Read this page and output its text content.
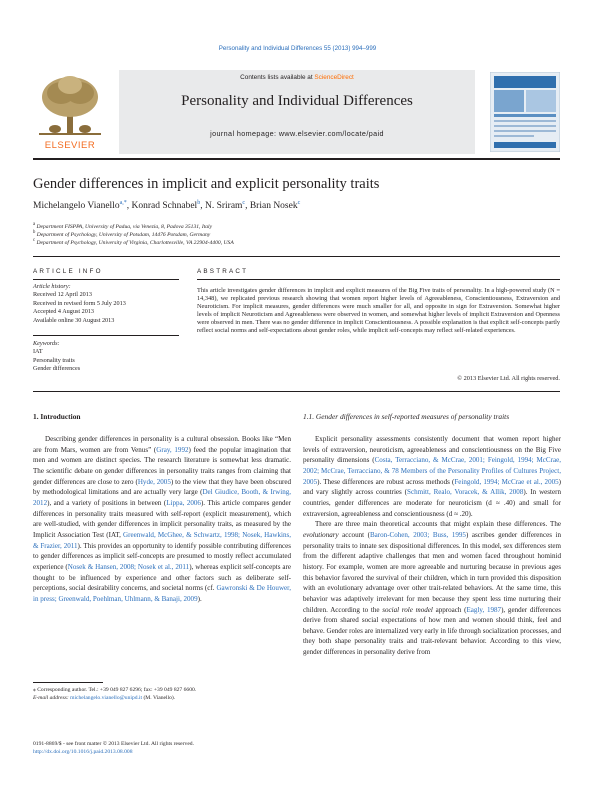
Personality and Individual Differences 55 (2013) 994–999
Contents lists available at ScienceDirect
Personality and Individual Differences
journal homepage: www.elsevier.com/locate/paid
ELSEVIER
Gender differences in implicit and explicit personality traits
Michelangelo Vianello$^{a,*}$, Konrad Schnabel$^b$, N. Sriram$^c$, Brian Nosek$^c$
$^a$ Department FISPPA, University of Padua, via Venezia, 8, Padova 35131, Italy
$^b$ Department of Psychology, University of Potsdam, 14476 Potsdam, Germany
$^c$ Department of Psychology, University of Virginia, Charlottesville, VA 22904-4400, USA
ARTICLE INFO
Article history:
Received 12 April 2013
Received in revised form 5 July 2013
Accepted 4 August 2013
Available online 30 August 2013
Keywords:
IAT
Personality traits
Gender differences
ABSTRACT
This article investigates gender differences in implicit and explicit measures of the Big Five traits of personality. In a high-powered study (N = 14,348), we replicated previous research showing that women report higher levels of Agreeableness, Conscientiousness, Extraversion and Neuroticism. For implicit measures, gender differences were much smaller for all, and opposite in sign for Extraversion. Somewhat higher levels of implicit Neuroticism and Agreeableness were observed in women, and somewhat higher levels of implicit Extraversion and Openness were observed in men. There was no gender difference in implicit Conscientiousness. A possible explanation is that explicit self-concepts partly reflect social norms and self-expectations about gender roles, while implicit self-concepts may reflect self-related experiences.
© 2013 Elsevier Ltd. All rights reserved.
1. Introduction	1.1. Gender differences in self-reported measures of personality traits

Describing gender differences in personality is a cultural obsession. Books like “Men are from Mars, women are from Venus” (Gray, 1992) feed the popular imagination that men and women are distinct species. The research literature is somewhat less dramatic. The scientific debate on gender differences in personality traits ranges from claiming that gender differences are close to zero (Hyde, 2005) to the view that they have been obscured by methodological limitations and are actually very large (Del Giudice, Booth, & Irwing, 2012), and a variety of positions in between (Lippa, 2006). This article compares gender differences in personality traits measured with self-report (explicit measurement), which are well-studied, with gender differences in implicit personality traits, as measured by the Implicit Association Test (IAT, Greenwald, McGhee, & Schwartz, 1998; Nosek, Hawkins, & Frazier, 2011). This provides an opportunity to identify possible contributing differences to gender differences as implicit self-concepts are presumed to mostly reflect accumulated experience (Nosek & Hansen, 2008; Nosek et al., 2011), whereas explicit self-concepts are thought to be influenced by experience and other factors such as deliberate self-perceptions, social desirability concerns, and societal norms (cf. Gawronski & De Houwer, in press; Greenwald, Poehlman, Uhlmann, & Banaji, 2009).

Explicit personality assessments consistently document that women report higher levels of extraversion, neuroticism, agreeableness and conscientiousness on the Big Five personality dimensions (Costa, Terracciano, & McCrae, 2001; Feingold, 1994; McCrae, 2002; McCrae, Terracciano, & 78 Members of the Personality Profiles of Cultures Project, 2005). These differences are robust across methods (Feingold, 1994; McCrae et al., 2005) and vary slightly across countries (Schmitt, Realo, Voracek, & Allik, 2008). In western countries, gender differences are moderate for neuroticism (d ≈ .40) and small for extraversion, agreeableness and conscientiousness (d ≈ .20).

There are three main theoretical accounts that might explain these differences. The evolutionary account (Baron-Cohen, 2003; Buss, 1995) ascribes gender differences in personality traits to innate sex dispositional differences. In this model, sex differences stem from the different adaptive challenges that men and women faced throughout hominid history. For example, women are more agreeable and nurturing because in previous ages this behavior favored the survival of their children, which in turn provided this disposition with an evolutionary advantage over other trait-related behaviors. At the same time, this behavior was adaptively irrelevant for men because they spent less time nurturing their children. According to the social role model approach (Eagly, 1987), gender differences derive from shared social expectations of how men and women should think, feel and behave. Gender roles are internalized very early in life through socialization processes, and they both shape personality traits and trait-relevant behavior. According to this view, gender differences in personality derive from

⁎ Corresponding author. Tel.: +39 049 827 6296; fax: +39 049 827 6600.
E-mail address: michelangelo.vianello@unipd.it (M. Vianello).
0191-8869/$ - see front matter © 2013 Elsevier Ltd. All rights reserved.
http://dx.doi.org/10.1016/j.paid.2013.08.008
